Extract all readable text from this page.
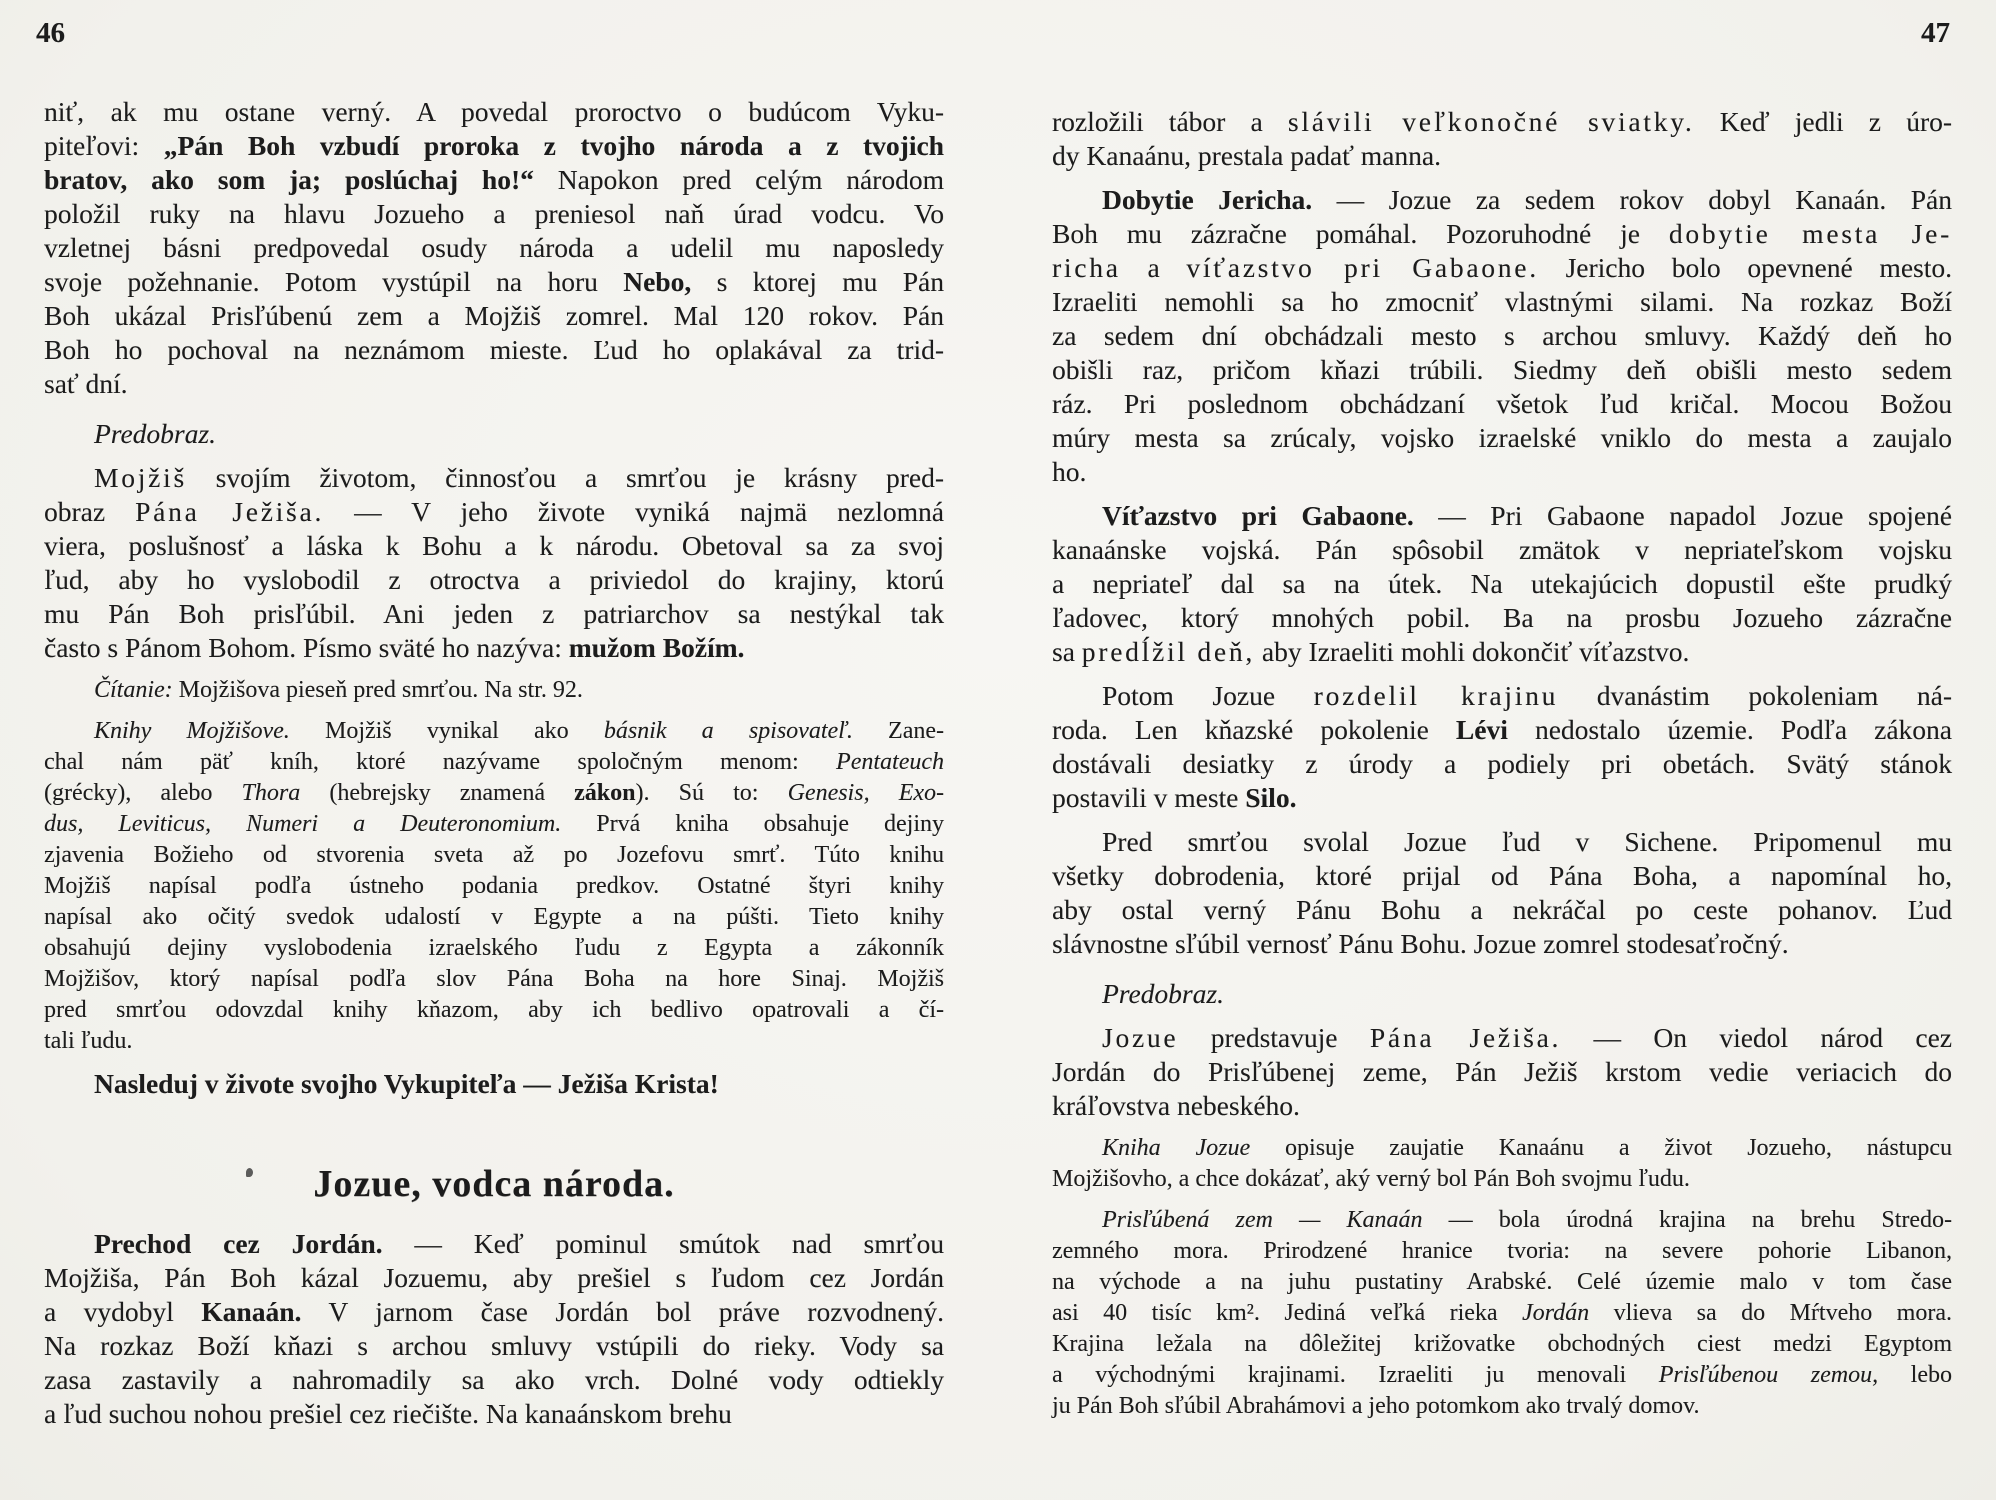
46	47
niť, ak mu ostane verný. A povedal proroctvo o budúcom Vyku-
piteľovi: „Pán Boh vzbudí proroka z tvojho národa a z tvojich
bratov, ako som ja; poslúchaj ho!“ Napokon pred celým národom
položil ruky na hlavu Jozueho a preniesol naň úrad vodcu. Vo
vzletnej básni predpovedal osudy národa a udelil mu naposledy
svoje požehnanie. Potom vystúpil na horu Nebo, s ktorej mu Pán
Boh ukázal Prisľúbenú zem a Mojžiš zomrel. Mal 120 rokov. Pán
Boh ho pochoval na neznámom mieste. Ľud ho oplakával za trid-
sať dní.
Predobraz.
Mojžiš svojím životom, činnosťou a smrťou je krásny pred-
obraz Pána Ježiša. — V jeho živote vyniká najmä nezlomná
viera, poslušnosť a láska k Bohu a k národu. Obetoval sa za svoj
ľud, aby ho vyslobodil z otroctva a priviedol do krajiny, ktorú
mu Pán Boh prisľúbil. Ani jeden z patriarchov sa nestýkal tak
často s Pánom Bohom. Písmo sväté ho nazýva: mužom Božím.
Čítanie: Mojžišova pieseň pred smrťou. Na str. 92.
Knihy Mojžišove. Mojžiš vynikal ako básnik a spisovateľ. Zane-
chal nám päť kníh, ktoré nazývame spoločným menom: Pentateuch
(grécky), alebo Thora (hebrejsky znamená zákon). Sú to: Genesis, Exo-
dus, Leviticus, Numeri a Deuteronomium. Prvá kniha obsahuje dejiny
zjavenia Božieho od stvorenia sveta až po Jozefovu smrť. Túto knihu
Mojžiš napísal podľa ústneho podania predkov. Ostatné štyri knihy
napísal ako očitý svedok udalostí v Egypte a na púšti. Tieto knihy
obsahujú dejiny vyslobodenia izraelského ľudu z Egypta a zákonník
Mojžišov, ktorý napísal podľa slov Pána Boha na hore Sinaj. Mojžiš
pred smrťou odovzdal knihy kňazom, aby ich bedlivo opatrovali a čí-
tali ľudu.
Nasleduj v živote svojho Vykupiteľa — Ježiša Krista!
Jozue, vodca národa.
Prechod cez Jordán. — Keď pominul smútok nad smrťou
Mojžiša, Pán Boh kázal Jozuemu, aby prešiel s ľudom cez Jordán
a vydobyl Kanaán. V jarnom čase Jordán bol práve rozvodnený.
Na rozkaz Boží kňazi s archou smluvy vstúpili do rieky. Vody sa
zasa zastavily a nahromadily sa ako vrch. Dolné vody odtiekly
a ľud suchou nohou prešiel cez riečište. Na kanaánskom brehu
rozložili tábor a slávili veľkonočné sviatky. Keď jedli z úro-
dy Kanaánu, prestala padať manna.
Dobytie Jericha. — Jozue za sedem rokov dobyl Kanaán. Pán
Boh mu zázračne pomáhal. Pozoruhodné je dobytie mesta Je-
richa a víťazstvo pri Gabaone. Jericho bolo opevnené mesto.
Izraeliti nemohli sa ho zmocniť vlastnými silami. Na rozkaz Boží
za sedem dní obchádzali mesto s archou smluvy. Každý deň ho
obišli raz, pričom kňazi trúbili. Siedmy deň obišli mesto sedem
ráz. Pri poslednom obchádzaní všetok ľud kričal. Mocou Božou
múry mesta sa zrúcaly, vojsko izraelské vniklo do mesta a zaujalo
ho.
Víťazstvo pri Gabaone. — Pri Gabaone napadol Jozue spojené
kanaánske vojská. Pán spôsobil zmätok v nepriateľskom vojsku
a nepriateľ dal sa na útek. Na utekajúcich dopustil ešte prudký
ľadovec, ktorý mnohých pobil. Ba na prosbu Jozueho zázračne
sa predĺžil deň, aby Izraeliti mohli dokončiť víťazstvo.
Potom Jozue rozdelil krajinu dvanástim pokoleniam ná-
roda. Len kňazské pokolenie Lévi nedostalo územie. Podľa zákona
dostávali desiatky z úrody a podiely pri obetách. Svätý stánok
postavili v meste Silo.
Pred smrťou svolal Jozue ľud v Sichene. Pripomenul mu
všetky dobrodenia, ktoré prijal od Pána Boha, a napomínal ho,
aby ostal verný Pánu Bohu a nekráčal po ceste pohanov. Ľud
slávnostne sľúbil vernosť Pánu Bohu. Jozue zomrel stodesaťročný.
Predobraz.
Jozue predstavuje Pána Ježiša. — On viedol národ cez
Jordán do Prisľúbenej zeme, Pán Ježiš krstom vedie veriacich do
kráľovstva nebeského.
Kniha Jozue opisuje zaujatie Kanaánu a život Jozueho, nástupcu
Mojžišovho, a chce dokázať, aký verný bol Pán Boh svojmu ľudu.
Prisľúbená zem — Kanaán — bola úrodná krajina na brehu Stredo-
zemného mora. Prirodzené hranice tvoria: na severe pohorie Libanon,
na východe a na juhu pustatiny Arabské. Celé územie malo v tom čase
asi 40 tisíc km². Jediná veľká rieka Jordán vlieva sa do Mŕtveho mora.
Krajina ležala na dôležitej križovatke obchodných ciest medzi Egyptom
a východnými krajinami. Izraeliti ju menovali Prisľúbenou zemou, lebo
ju Pán Boh sľúbil Abrahámovi a jeho potomkom ako trvalý domov.
